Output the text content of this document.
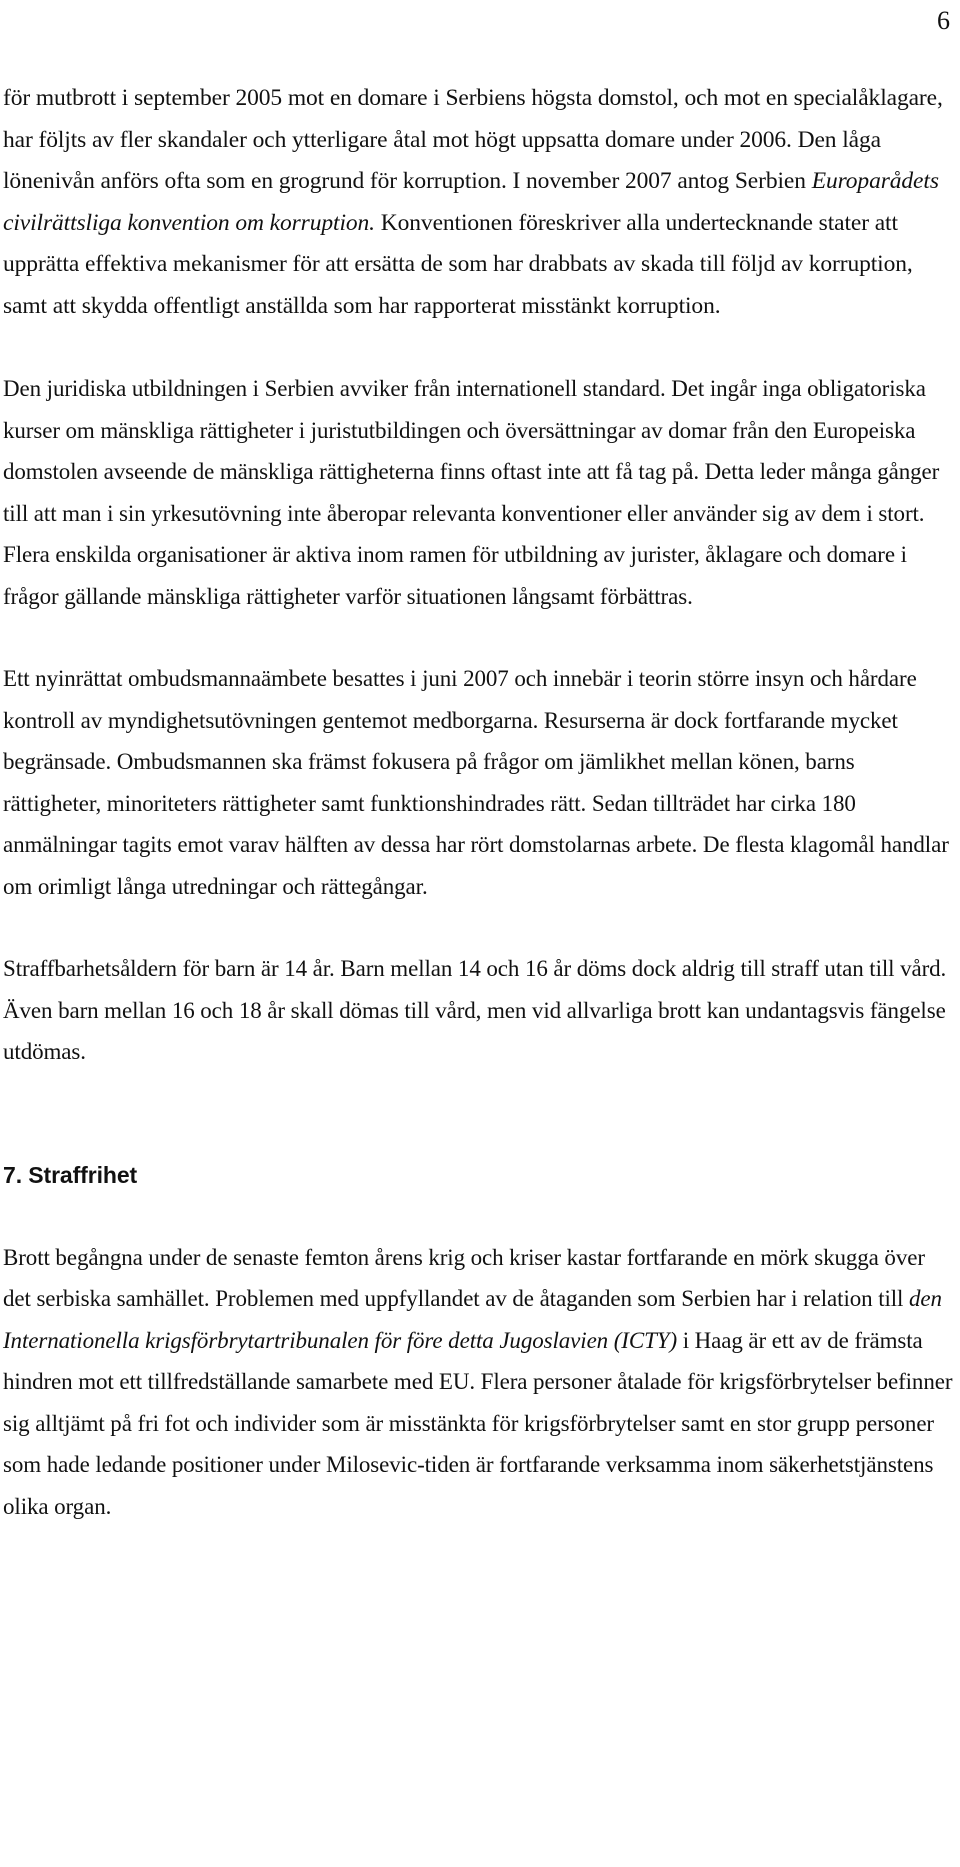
6

för mutbrott i september 2005 mot en domare i Serbiens högsta domstol, och mot en specialåklagare, har följts av fler skandaler och ytterligare åtal mot högt uppsatta domare under 2006. Den låga lönenivån anförs ofta som en grogrund för korruption. I november 2007 antog Serbien Europarådets civilrättsliga konvention om korruption. Konventionen föreskriver alla undertecknande stater att upprätta effektiva mekanismer för att ersätta de som har drabbats av skada till följd av korruption, samt att skydda offentligt anställda som har rapporterat misstänkt korruption.

Den juridiska utbildningen i Serbien avviker från internationell standard. Det ingår inga obligatoriska kurser om mänskliga rättigheter i juristutbildingen och översättningar av domar från den Europeiska domstolen avseende de mänskliga rättigheterna finns oftast inte att få tag på. Detta leder många gånger till att man i sin yrkesutövning inte åberopar relevanta konventioner eller använder sig av dem i stort. Flera enskilda organisationer är aktiva inom ramen för utbildning av jurister, åklagare och domare i frågor gällande mänskliga rättigheter varför situationen långsamt förbättras.

Ett nyinrättat ombudsmannaämbete besattes i juni 2007 och innebär i teorin större insyn och hårdare kontroll av myndighetsutövningen gentemot medborgarna. Resurserna är dock fortfarande mycket begränsade. Ombudsmannen ska främst fokusera på frågor om jämlikhet mellan könen, barns rättigheter, minoriteters rättigheter samt funktionshindrades rätt. Sedan tillträdet har cirka 180 anmälningar tagits emot varav hälften av dessa har rört domstolarnas arbete. De flesta klagomål handlar om orimligt långa utredningar och rättegångar.

Straffbarhetsåldern för barn är 14 år. Barn mellan 14 och 16 år döms dock aldrig till straff utan till vård. Även barn mellan 16 och 18 år skall dömas till vård, men vid allvarliga brott kan undantagsvis fängelse utdömas.

7. Straffrihet

Brott begångna under de senaste femton årens krig och kriser kastar fortfarande en mörk skugga över det serbiska samhället. Problemen med uppfyllandet av de åtaganden som Serbien har i relation till den Internationella krigsförbrytartribunalen för före detta Jugoslavien (ICTY) i Haag är ett av de främsta hindren mot ett tillfredställande samarbete med EU. Flera personer åtalade för krigsförbrytelser befinner sig alltjämt på fri fot och individer som är misstänkta för krigsförbrytelser samt en stor grupp personer som hade ledande positioner under Milosevic-tiden är fortfarande verksamma inom säkerhetstjänstens olika organ.
